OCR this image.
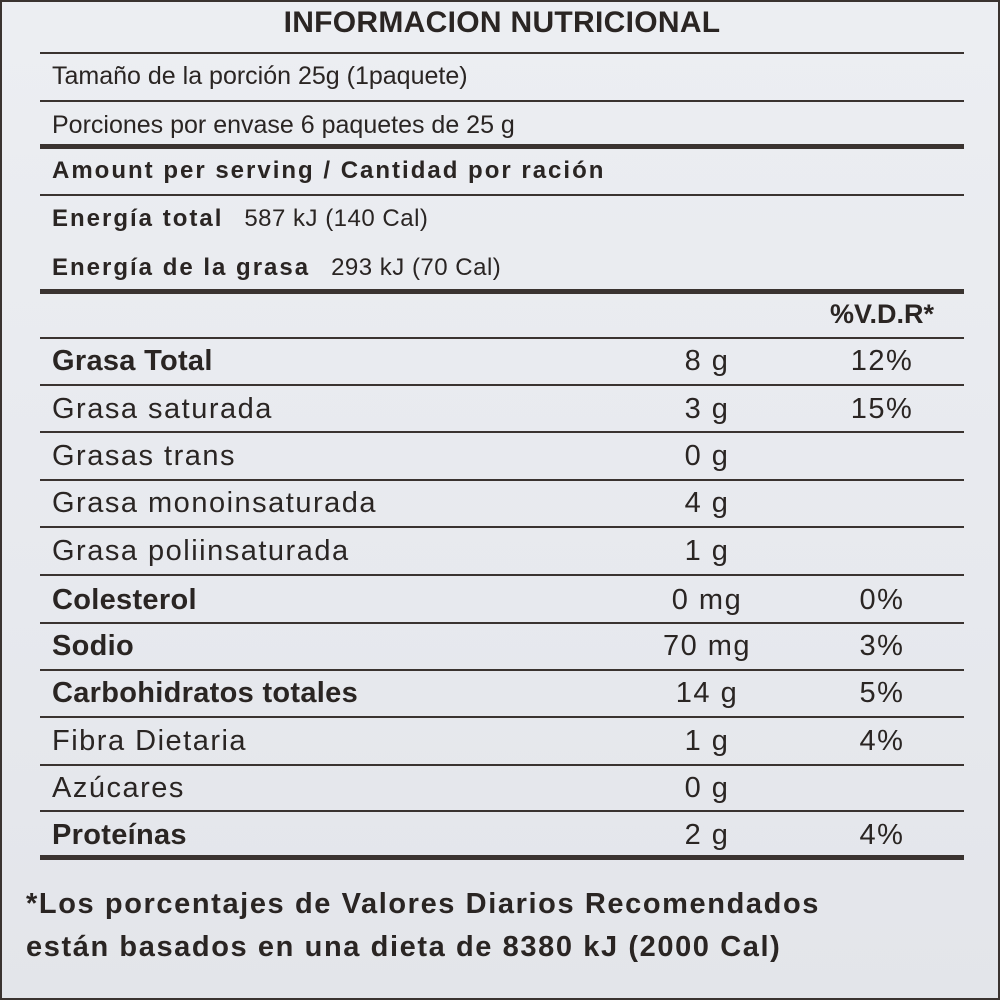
INFORMACION NUTRICIONAL
Tamaño de la porción 25g (1paquete)
Porciones por envase 6 paquetes de 25 g
Amount per serving / Cantidad por ración
Energía total 587 kJ (140 Cal)
Energía de la grasa 293 kJ (70 Cal)
%V.D.R*
Grasa Total	8 g	12%
Grasa saturada	3 g	15%
Grasas trans	0 g
Grasa monoinsaturada	4 g
Grasa poliinsaturada	1 g
Colesterol	0 mg	0%
Sodio	70 mg	3%
Carbohidratos totales	14 g	5%
Fibra Dietaria	1 g	4%
Azúcares	0 g
Proteínas	2 g	4%
*Los porcentajes de Valores Diarios Recomendados
están basados en una dieta de 8380 kJ (2000 Cal)
